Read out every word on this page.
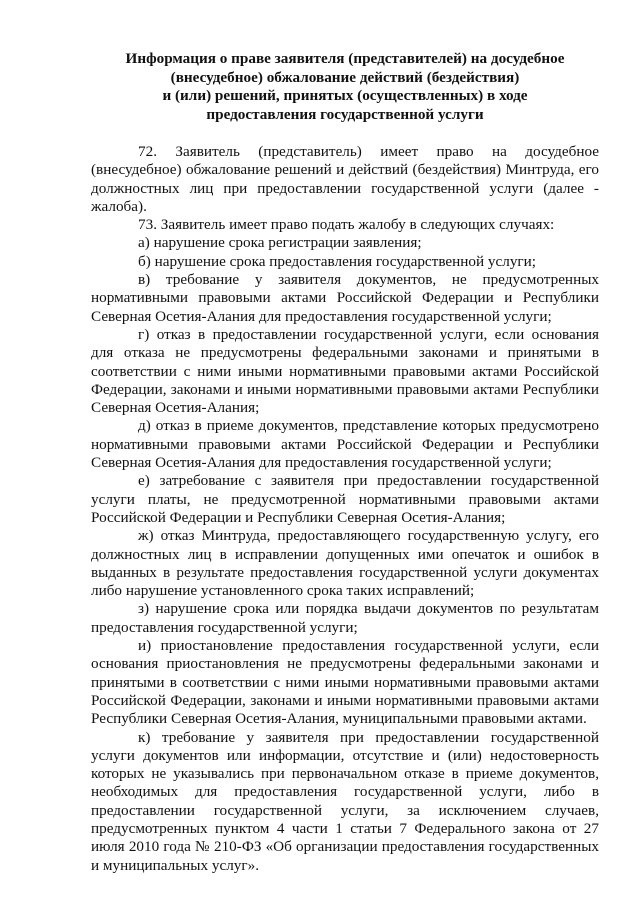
Информация о праве заявителя (представителей) на досудебное
(внесудебное) обжалование действий (бездействия)
и (или) решений, принятых (осуществленных) в ходе
предоставления государственной услуги

72. Заявитель (представитель) имеет право на досудебное (внесудебное) обжалование решений и действий (бездействия) Минтруда, его должностных лиц при предоставлении государственной услуги (далее - жалоба).

73. Заявитель имеет право подать жалобу в следующих случаях:

а) нарушение срока регистрации заявления;

б) нарушение срока предоставления государственной услуги;

в) требование у заявителя документов, не предусмотренных нормативными правовыми актами Российской Федерации и Республики Северная Осетия-Алания для предоставления государственной услуги;

г) отказ в предоставлении государственной услуги, если основания для отказа не предусмотрены федеральными законами и принятыми в соответствии с ними иными нормативными правовыми актами Российской Федерации, законами и иными нормативными правовыми актами Республики Северная Осетия-Алания;

д) отказ в приеме документов, представление которых предусмотрено нормативными правовыми актами Российской Федерации и Республики Северная Осетия-Алания для предоставления государственной услуги;

е) затребование с заявителя при предоставлении государственной услуги платы, не предусмотренной нормативными правовыми актами Российской Федерации и Республики Северная Осетия-Алания;

ж) отказ Минтруда, предоставляющего государственную услугу, его должностных лиц в исправлении допущенных ими опечаток и ошибок в выданных в результате предоставления государственной услуги документах либо нарушение установленного срока таких исправлений;

з) нарушение срока или порядка выдачи документов по результатам предоставления государственной услуги;

и) приостановление предоставления государственной услуги, если основания приостановления не предусмотрены федеральными законами и принятыми в соответствии с ними иными нормативными правовыми актами Российской Федерации, законами и иными нормативными правовыми актами Республики Северная Осетия-Алания, муниципальными правовыми актами.

к) требование у заявителя при предоставлении государственной услуги документов или информации, отсутствие и (или) недостоверность которых не указывались при первоначальном отказе в приеме документов, необходимых для предоставления государственной услуги, либо в предоставлении государственной услуги, за исключением случаев, предусмотренных пунктом 4 части 1 статьи 7 Федерального закона от 27 июля 2010 года № 210-ФЗ «Об организации предоставления государственных и муниципальных услуг».
